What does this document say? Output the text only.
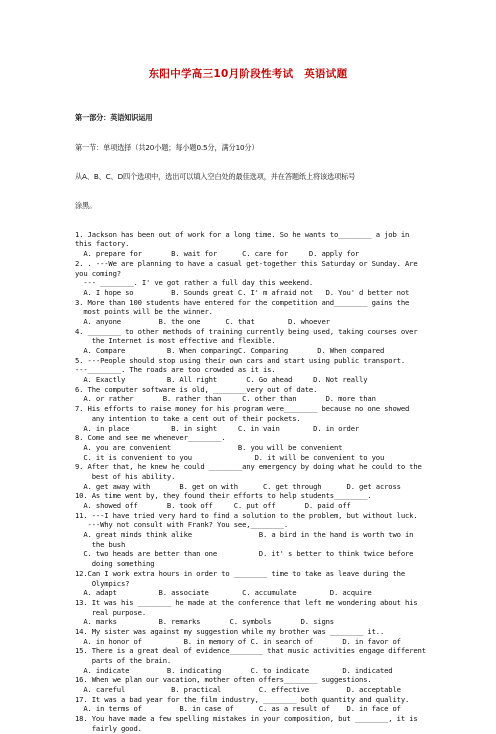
东阳中学高三10月阶段性考试　英语试题

第一部分：英语知识运用

第一节：单项选择（共20小题；每小题0.5分，满分10分）

从A、B、C、D四个选项中，选出可以填入空白处的最佳选项，并在答题纸上将该选项标号

涂黑。

1. Jackson has been out of work for a long time. So he wants to________ a job in
this factory.
A. prepare for       B. wait for      C. care for     D. apply for
2. . ---We are planning to have a casual get-together this Saturday or Sunday. Are
you coming?
--- ________. I' ve got rather a full day this weekend.
A. I hope so         B. Sounds great C. I' m afraid not   D. You' d better not
3. More than 100 students have entered for the competition and________ gains the
most points will be the winner.
A. anyone         B. the one      C. that        D. whoever
4. ________ to other methods of training currently being used, taking courses over
the Internet is most effective and flexible.
A. Compare          B. When comparingC. Comparing       D. When compared
5. ---People should stop using their own cars and start using public transport.
---________. The roads are too crowded as it is.
A. Exactly          B. All right       C. Go ahead     D. Not really
6. The computer software is old, ________very out of date.
A. or rather       B. rather than     C. other than       D. more than
7. His efforts to raise money for his program were________ because no one showed
any intention to take a cent out of their pockets.
A. in place          B. in sight     C. in vain        D. in order
8. Come and see me whenever________.
A. you are convenient                B. you will be convenient
C. it is convenient to you               D. it will be convenient to you
9. After that, he knew he could ________any emergency by doing what he could to the
best of his ability.
A. get away with       B. get on with      C. get through      D. get across
10. As time went by, they found their efforts to help students________.
A. showed off       B. took off     C. put off       D. paid off
11. ---I have tried very hard to find a solution to the problem, but without luck.
---Why not consult with Frank? You see,________.
A. great minds think alike                B. a bird in the hand is worth two in
the bush
C. two heads are better than one          D. it' s better to think twice before
doing something
12.Can I work extra hours in order to ________ time to take as leave during the
Olympics?
A. adapt          B. associate        C. accumulate        D. acquire
13. It was his ________ he made at the conference that left me wondering about his
real purpose.
A. marks          B. remarks       C. symbols       D. signs
14. My sister was against my suggestion while my brother was ________ it..
A. in honor of          B. in memory of C. in search of       D. in favor of
15. There is a great deal of evidence________ that music activities engage different
parts of the brain.
A. indicate         B. indicating       C. to indicate        D. indicated
16. When we plan our vacation, mother often offers________ suggestions.
A. careful           B. practical         C. effective         D. acceptable
17. It was a bad year for the film industry, ________ both quantity and quality.
A. in terms of         B. in case of      C. as a result of    D. in face of
18. You have made a few spelling mistakes in your composition, but ________, it is
fairly good.
